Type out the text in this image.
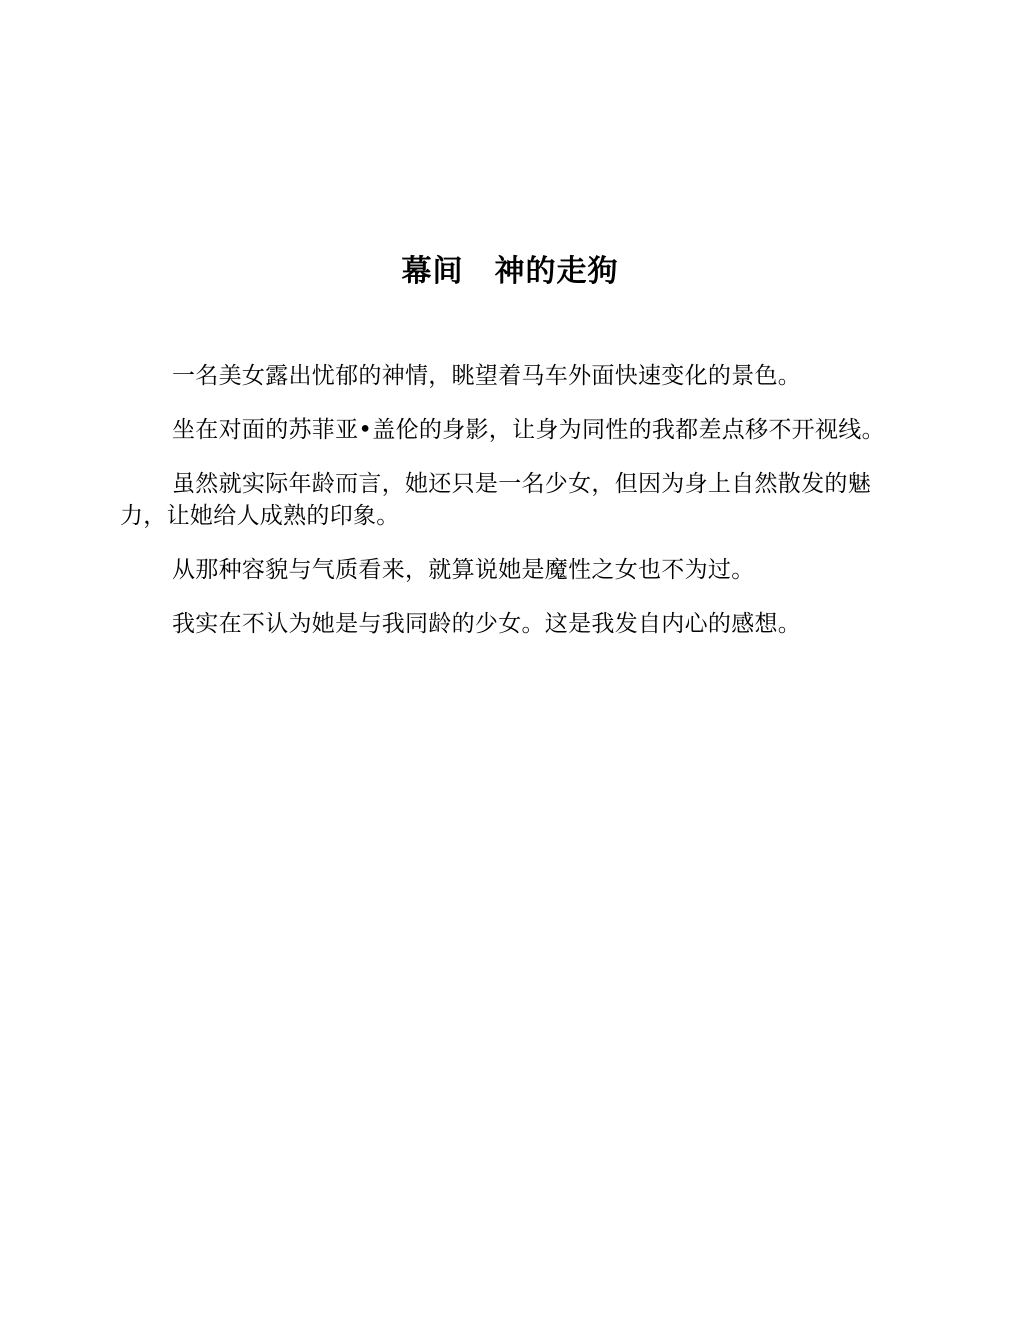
幕间　神的走狗

一名美女露出忧郁的神情，眺望着马车外面快速变化的景色。

坐在对面的苏菲亚•盖伦的身影，让身为同性的我都差点移不开视线。

虽然就实际年龄而言，她还只是一名少女，但因为身上自然散发的魅力，让她给人成熟的印象。

从那种容貌与气质看来，就算说她是魔性之女也不为过。

我实在不认为她是与我同龄的少女。这是我发自内心的感想。
